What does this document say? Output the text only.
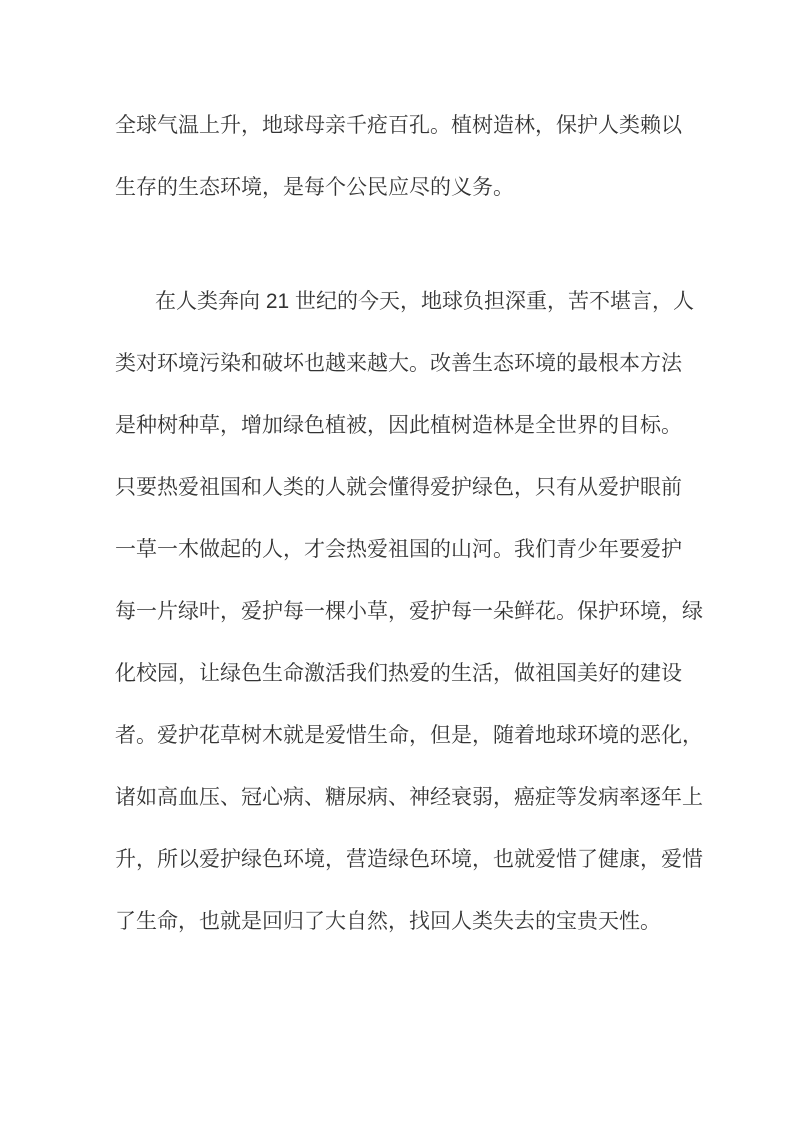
全球气温上升，地球母亲千疮百孔。植树造林，保护人类赖以
生存的生态环境，是每个公民应尽的义务。
在人类奔向 21 世纪的今天，地球负担深重，苦不堪言，人
类对环境污染和破坏也越来越大。改善生态环境的最根本方法
是种树种草，增加绿色植被，因此植树造林是全世界的目标。
只要热爱祖国和人类的人就会懂得爱护绿色，只有从爱护眼前
一草一木做起的人，才会热爱祖国的山河。我们青少年要爱护
每一片绿叶，爱护每一棵小草，爱护每一朵鲜花。保护环境，绿
化校园，让绿色生命激活我们热爱的生活，做祖国美好的建设
者。爱护花草树木就是爱惜生命，但是，随着地球环境的恶化，
诸如高血压、冠心病、糖尿病、神经衰弱，癌症等发病率逐年上
升，所以爱护绿色环境，营造绿色环境，也就爱惜了健康，爱惜
了生命，也就是回归了大自然，找回人类失去的宝贵天性。
